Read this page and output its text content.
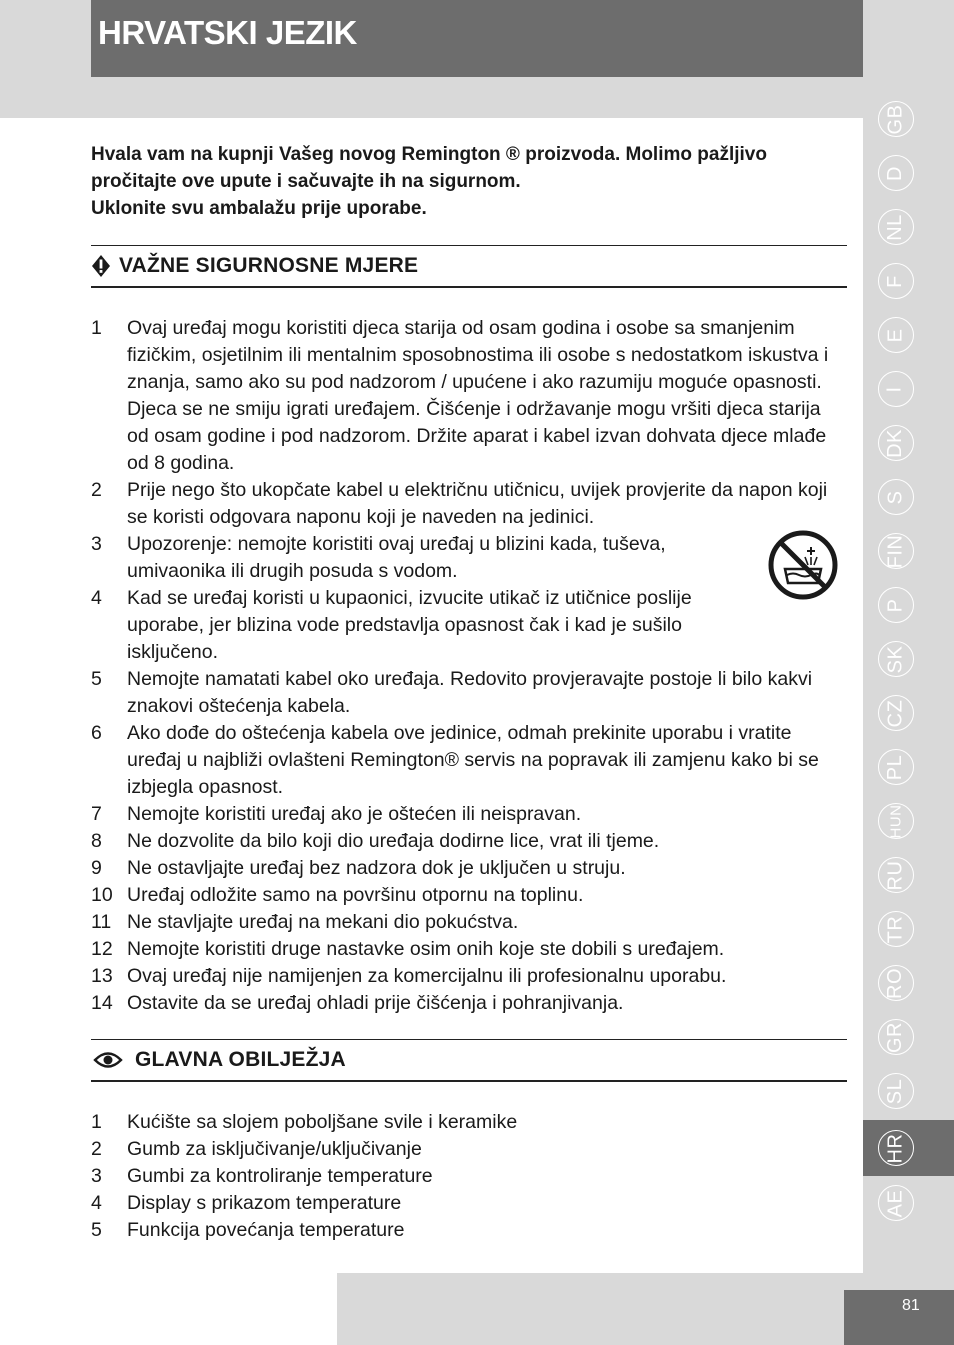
HRVATSKI JEZIK

Hvala vam na kupnji Vašeg novog Remington ® proizvoda. Molimo pažljivo pročitajte ove upute i sačuvajte ih na sigurnom.

Uklonite svu ambalažu prije uporabe.

VAŽNE SIGURNOSNE MJERE
1	Ovaj uređaj mogu koristiti djeca starija od osam godina i osobe sa smanjenim fizičkim, osjetilnim ili mentalnim sposobnostima ili osobe s nedostatkom iskustva i znanja, samo ako su pod nadzorom / upućene i ako razumiju moguće opasnosti. Djeca se ne smiju igrati uređajem. Čišćenje i održavanje mogu vršiti djeca starija od osam godine i pod nadzorom. Držite aparat i kabel izvan dohvata djece mlađe od 8 godina.
2	Prije nego što ukopčate kabel u električnu utičnicu, uvijek provjerite da napon koji se koristi odgovara naponu koji je naveden na jedinici.
3	Upozorenje: nemojte koristiti ovaj uređaj u blizini kada, tuševa, umivaonika ili drugih posuda s vodom.
4	Kad se uređaj koristi u kupaonici, izvucite utikač iz utičnice poslije uporabe, jer blizina vode predstavlja opasnost čak i kad je sušilo isključeno.
5	Nemojte namatati kabel oko uređaja. Redovito provjeravajte postoje li bilo kakvi znakovi oštećenja kabela.
6	Ako dođe do oštećenja kabela ove jedinice, odmah prekinite uporabu i vratite uređaj u najbliži ovlašteni Remington® servis na popravak ili zamjenu kako bi se izbjegla opasnost.
7	Nemojte koristiti uređaj ako je oštećen ili neispravan.
8	Ne dozvolite da bilo koji dio uređaja dodirne lice, vrat ili tjeme.
9	Ne ostavljajte uređaj bez nadzora dok je uključen u struju.
10 Uređaj odložite samo na površinu otpornu na toplinu.
11 Ne stavljajte uređaj na mekani dio pokućstva.
12 Nemojte koristiti druge nastavke osim onih koje ste dobili s uređajem.
13 Ovaj uređaj nije namijenjen za komercijalnu ili profesionalnu uporabu.
14 Ostavite da se uređaj ohladi prije čišćenja i pohranjivanja.
GLAVNA OBILJEŽJA
1	Kućište sa slojem poboljšane svile i keramike
2	Gumb za isključivanje/uključivanje
3	Gumbi za kontroliranje temperature
4	Display s prikazom temperature
5	Funkcija povećanja temperature
GB
D
NL
F
E
I
DK
S
FIN
P
SK
CZ
PL
HUN
RU
TR
RO
GR
SL
HR
AE
81
